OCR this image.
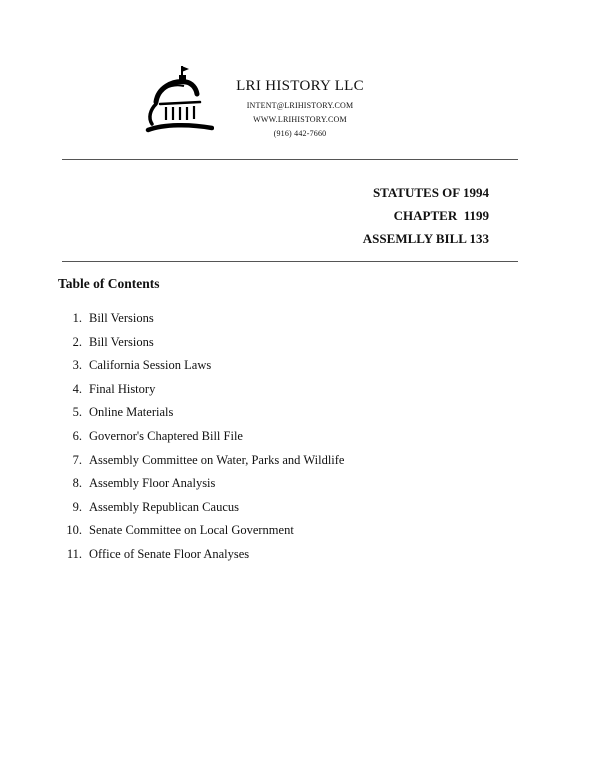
LRI HISTORY LLC
INTENT@LRIHISTORY.COM
WWW.LRIHISTORY.COM
(916) 442-7660
STATUTES OF 1994
CHAPTER  1199
ASSEMLLY BILL 133
Table of Contents
1. Bill Versions
2. Bill Versions
3. California Session Laws
4. Final History
5. Online Materials
6. Governor's Chaptered Bill File
7. Assembly Committee on Water, Parks and Wildlife
8. Assembly Floor Analysis
9. Assembly Republican Caucus
10. Senate Committee on Local Government
11. Office of Senate Floor Analyses
